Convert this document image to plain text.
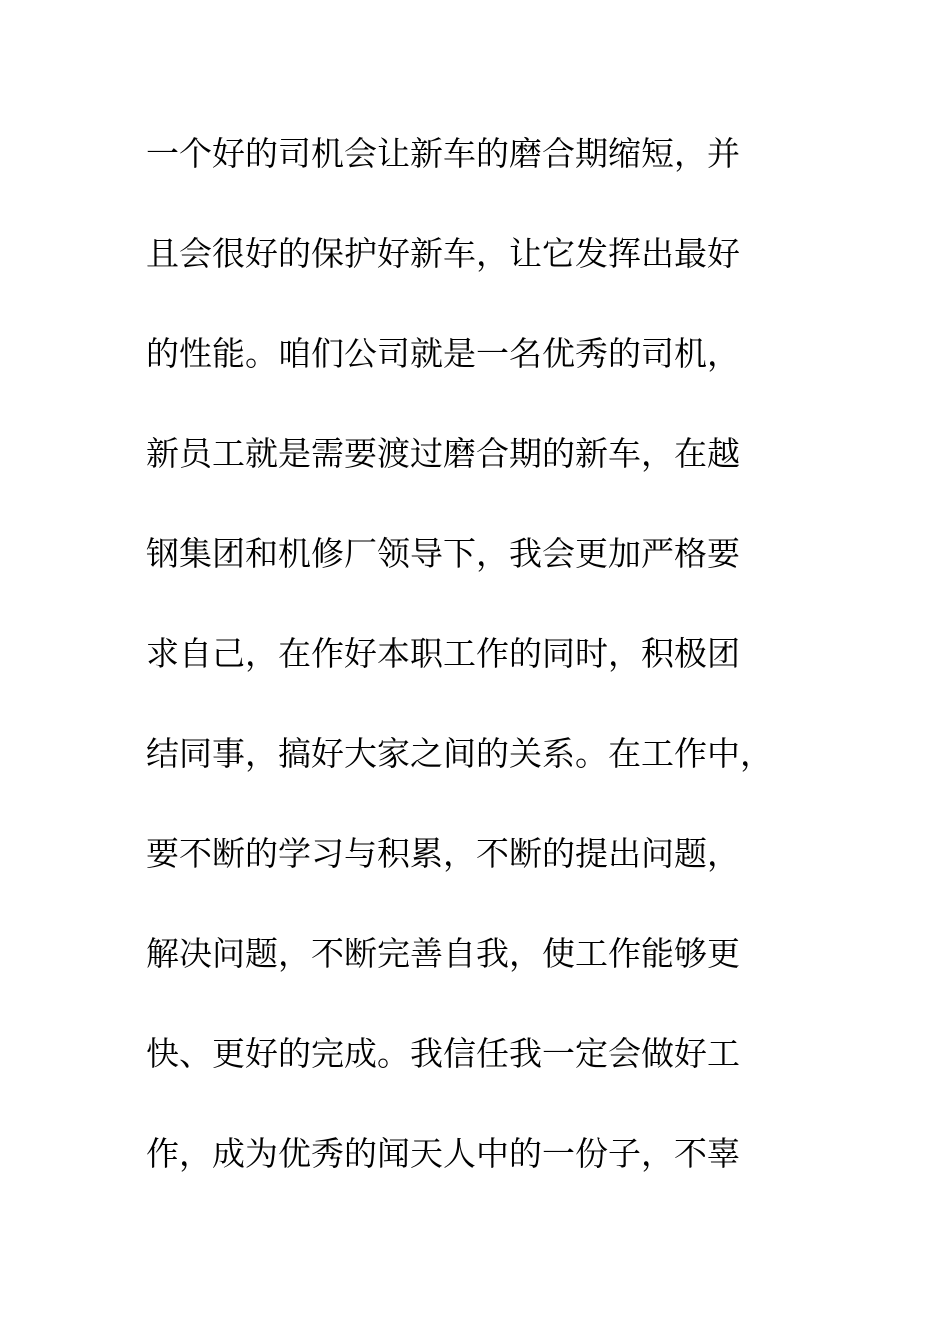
一个好的司机会让新车的磨合期缩短，并
且会很好的保护好新车，让它发挥出最好
的性能。咱们公司就是一名优秀的司机，
新员工就是需要渡过磨合期的新车，在越
钢集团和机修厂领导下，我会更加严格要
求自己，在作好本职工作的同时，积极团
结同事，搞好大家之间的关系。在工作中，
要不断的学习与积累，不断的提出问题，
解决问题，不断完善自我，使工作能够更
快、更好的完成。我信任我一定会做好工
作，成为优秀的闻天人中的一份子，不辜
